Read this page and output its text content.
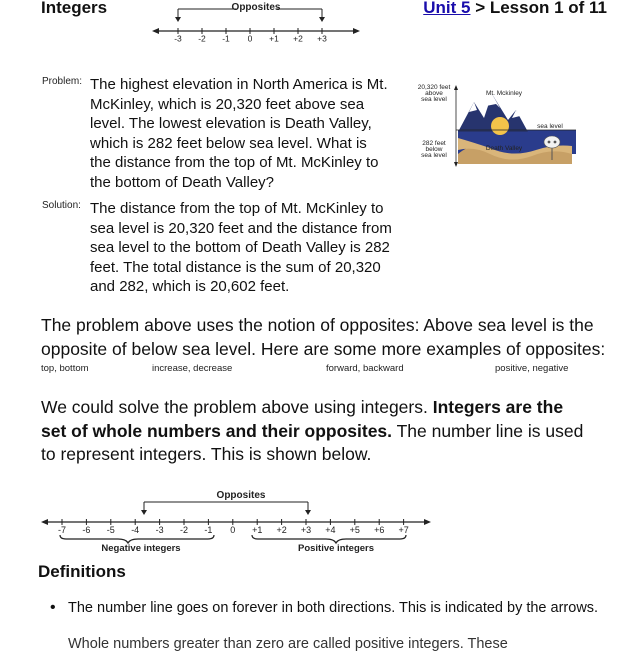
Integers	Unit 5 > Lesson 1 of 11
Opposites
-3 -2 -1 0 +1 +2 +3
Problem: The highest elevation in North America is Mt. McKinley, which is 20,320 feet above sea level. The lowest elevation is Death Valley, which is 282 feet below sea level. What is the distance from the top of Mt. McKinley to the bottom of Death Valley?
Solution: The distance from the top of Mt. McKinley to sea level is 20,320 feet and the distance from sea level to the bottom of Death Valley is 282 feet. The total distance is the sum of 20,320 and 282, which is 20,602 feet.
20,320 feet
above
sea level
Mt. Mckinley
sea level
282 feet
below
sea level
Death Valley
The problem above uses the notion of opposites: Above sea level is the opposite of below sea level. Here are some more examples of opposites:
top, bottom	increase, decrease	forward, backward	positive, negative
We could solve the problem above using integers. Integers are the set of whole numbers and their opposites. The number line is used to represent integers. This is shown below.
Opposites
-7 -6 -5 -4 -3 -2 -1 0 +1 +2 +3 +4 +5 +6 +7
Negative integers	Positive integers
Definitions
• The number line goes on forever in both directions. This is indicated by the arrows.
Whole numbers greater than zero are called positive integers. These
